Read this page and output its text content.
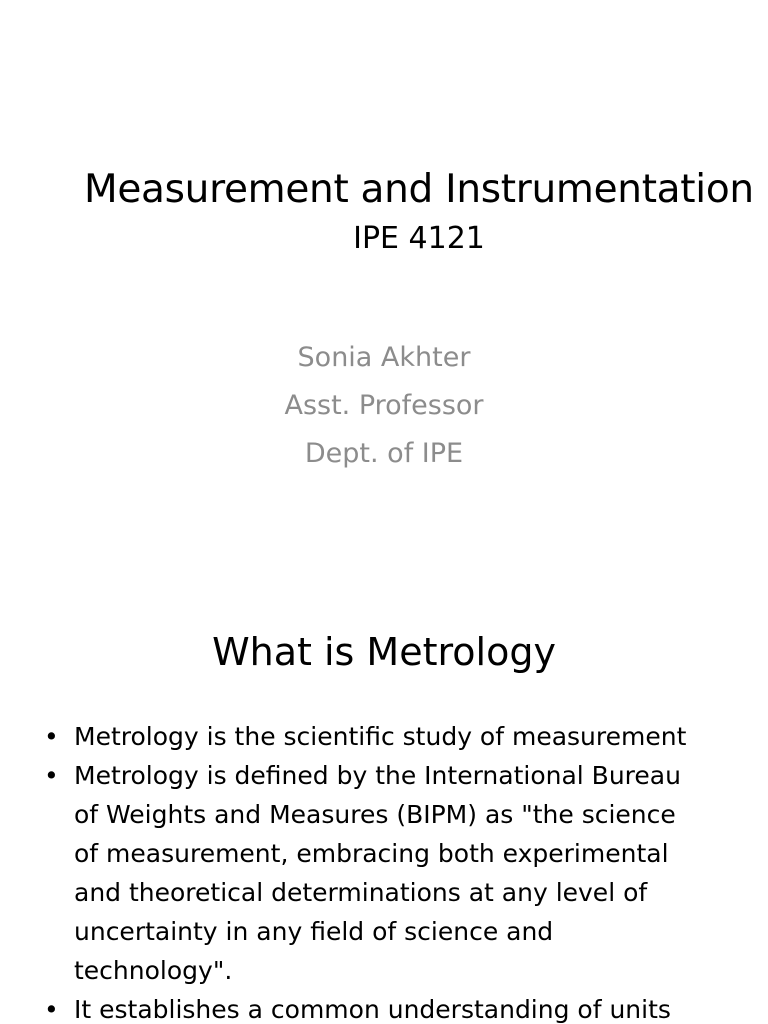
Measurement and Instrumentation
IPE 4121
Sonia Akhter
Asst. Professor
Dept. of IPE
What is Metrology
• Metrology is the scientific study of measurement
• Metrology is defined by the International Bureau
of Weights and Measures (BIPM) as "the science
of measurement, embracing both experimental
and theoretical determinations at any level of
uncertainty in any field of science and
technology".
• It establishes a common understanding of units
